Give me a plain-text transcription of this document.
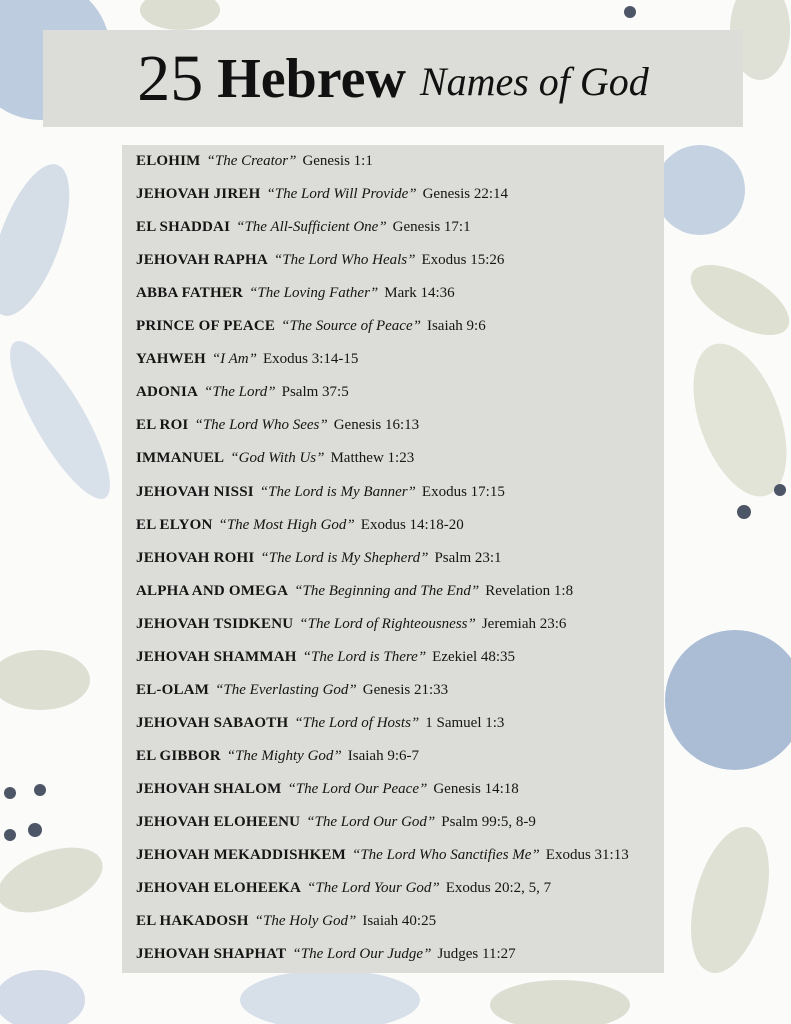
25 Hebrew Names of God
ELOHIM “The Creator” Genesis 1:1
JEHOVAH JIREH “The Lord Will Provide” Genesis 22:14
EL SHADDAI “The All-Sufficient One” Genesis 17:1
JEHOVAH RAPHA “The Lord Who Heals” Exodus 15:26
ABBA FATHER “The Loving Father” Mark 14:36
PRINCE OF PEACE “The Source of Peace” Isaiah 9:6
YAHWEH “I Am” Exodus 3:14-15
ADONIA “The Lord” Psalm 37:5
EL ROI “The Lord Who Sees” Genesis 16:13
IMMANUEL “God With Us” Matthew 1:23
JEHOVAH NISSI “The Lord is My Banner” Exodus 17:15
EL ELYON “The Most High God” Exodus 14:18-20
JEHOVAH ROHI “The Lord is My Shepherd” Psalm 23:1
ALPHA AND OMEGA “The Beginning and The End” Revelation 1:8
JEHOVAH TSIDKENU “The Lord of Righteousness” Jeremiah 23:6
JEHOVAH SHAMMAH “The Lord is There” Ezekiel 48:35
EL-OLAM “The Everlasting God” Genesis 21:33
JEHOVAH SABAOTH “The Lord of Hosts” 1 Samuel 1:3
EL GIBBOR “The Mighty God” Isaiah 9:6-7
JEHOVAH SHALOM “The Lord Our Peace” Genesis 14:18
JEHOVAH ELOHEENU “The Lord Our God” Psalm 99:5, 8-9
JEHOVAH MEKADDISHKEM “The Lord Who Sanctifies Me” Exodus 31:13
JEHOVAH ELOHEEKA “The Lord Your God” Exodus 20:2, 5, 7
EL HAKADOSH “The Holy God” Isaiah 40:25
JEHOVAH SHAPHAT “The Lord Our Judge” Judges 11:27
